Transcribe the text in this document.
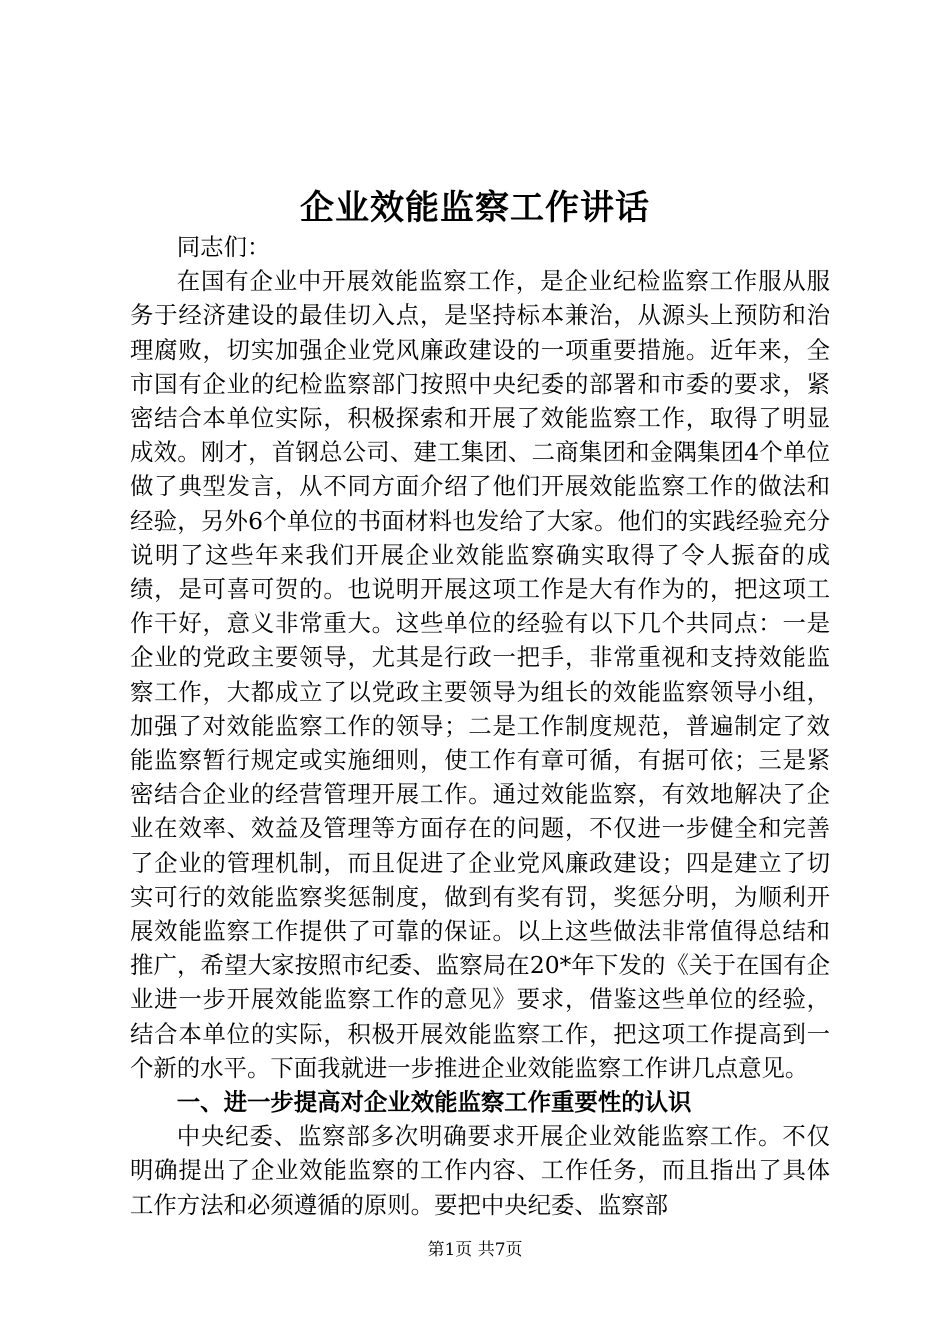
企业效能监察工作讲话

同志们：

在国有企业中开展效能监察工作，是企业纪检监察工作服从服务于经济建设的最佳切入点，是坚持标本兼治，从源头上预防和治理腐败，切实加强企业党风廉政建设的一项重要措施。近年来，全市国有企业的纪检监察部门按照中央纪委的部署和市委的要求，紧密结合本单位实际，积极探索和开展了效能监察工作，取得了明显成效。刚才，首钢总公司、建工集团、二商集团和金隅集团4个单位做了典型发言，从不同方面介绍了他们开展效能监察工作的做法和经验，另外6个单位的书面材料也发给了大家。他们的实践经验充分说明了这些年来我们开展企业效能监察确实取得了令人振奋的成绩，是可喜可贺的。也说明开展这项工作是大有作为的，把这项工作干好，意义非常重大。这些单位的经验有以下几个共同点：一是企业的党政主要领导，尤其是行政一把手，非常重视和支持效能监察工作，大都成立了以党政主要领导为组长的效能监察领导小组，加强了对效能监察工作的领导；二是工作制度规范，普遍制定了效能监察暂行规定或实施细则，使工作有章可循，有据可依；三是紧密结合企业的经营管理开展工作。通过效能监察，有效地解决了企业在效率、效益及管理等方面存在的问题，不仅进一步健全和完善了企业的管理机制，而且促进了企业党风廉政建设；四是建立了切实可行的效能监察奖惩制度，做到有奖有罚，奖惩分明，为顺利开展效能监察工作提供了可靠的保证。以上这些做法非常值得总结和推广，希望大家按照市纪委、监察局在20*年下发的《关于在国有企业进一步开展效能监察工作的意见》要求，借鉴这些单位的经验，结合本单位的实际，积极开展效能监察工作，把这项工作提高到一个新的水平。下面我就进一步推进企业效能监察工作讲几点意见。

一、进一步提高对企业效能监察工作重要性的认识

中央纪委、监察部多次明确要求开展企业效能监察工作。不仅明确提出了企业效能监察的工作内容、工作任务，而且指出了具体工作方法和必须遵循的原则。要把中央纪委、监察部

第1页 共7页
